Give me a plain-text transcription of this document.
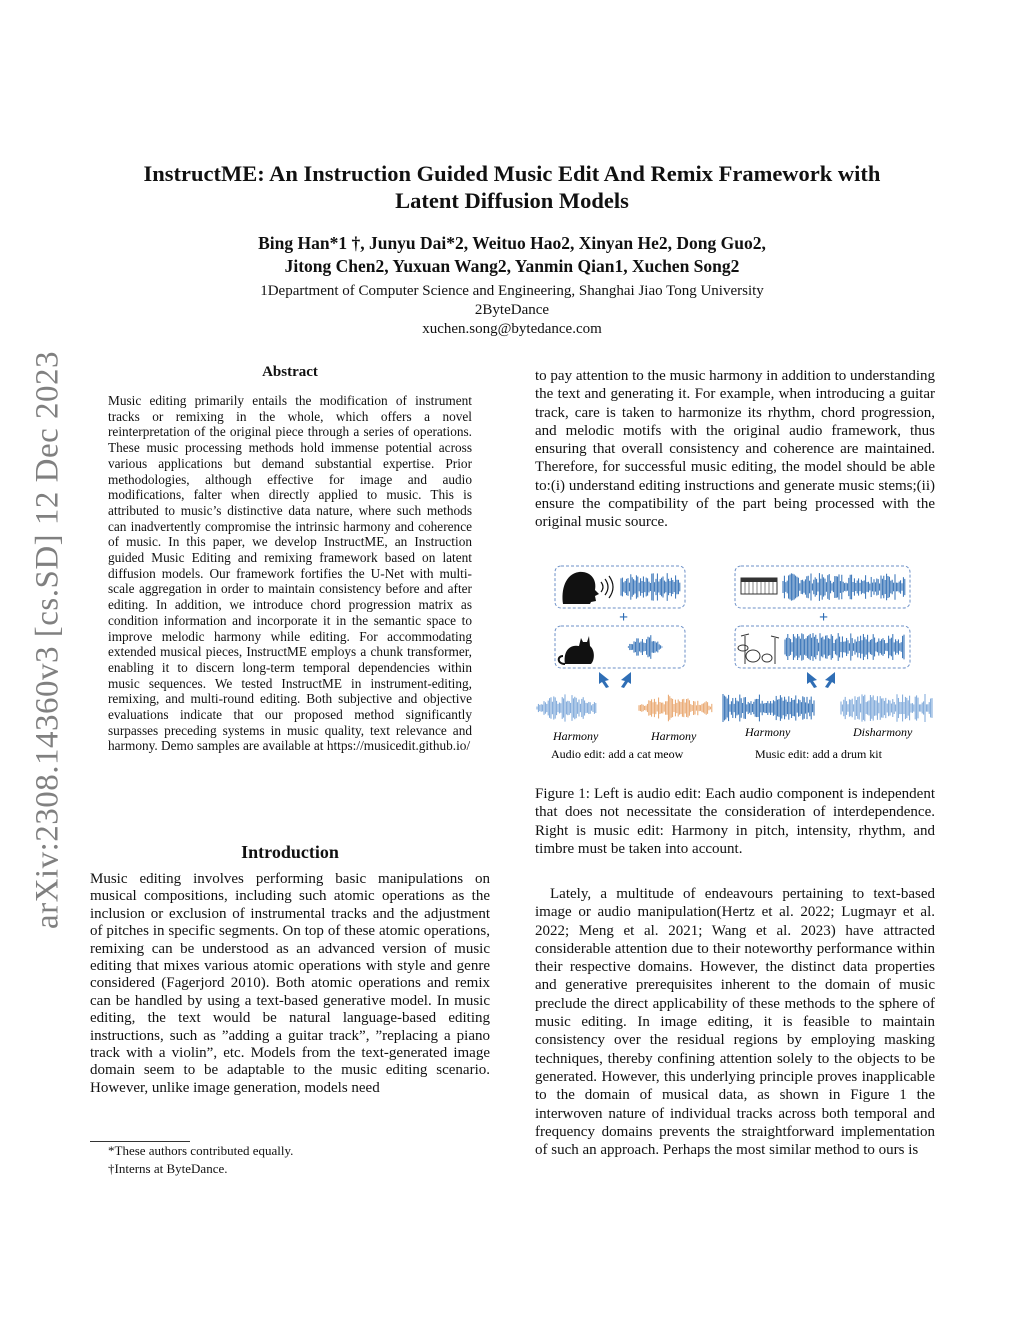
InstructME: An Instruction Guided Music Edit And Remix Framework with
Latent Diffusion Models
Bing Han*1 †, Junyu Dai*2, Weituo Hao2, Xinyan He2, Dong Guo2,
Jitong Chen2, Yuxuan Wang2, Yanmin Qian1, Xuchen Song2
1Department of Computer Science and Engineering, Shanghai Jiao Tong University
2ByteDance
xuchen.song@bytedance.com
arXiv:2308.14360v3 [cs.SD] 12 Dec 2023	Abstract
Music editing primarily entails the modification of instrument tracks or remixing in the whole, which offers a novel reinterpretation of the original piece through a series of operations. These music processing methods hold immense potential across various applications but demand substantial expertise. Prior methodologies, although effective for image and audio modifications, falter when directly applied to music. This is attributed to music’s distinctive data nature, where such methods can inadvertently compromise the intrinsic harmony and coherence of music. In this paper, we develop InstructME, an Instruction guided Music Editing and remixing framework based on latent diffusion models. Our framework fortifies the U-Net with multi-scale aggregation in order to maintain consistency before and after editing. In addition, we introduce chord progression matrix as condition information and incorporate it in the semantic space to improve melodic harmony while editing. For accommodating extended musical pieces, InstructME employs a chunk transformer, enabling it to discern long-term temporal dependencies within music sequences. We tested InstructME in instrument-editing, remixing, and multi-round editing. Both subjective and objective evaluations indicate that our proposed method significantly surpasses preceding systems in music quality, text relevance and harmony. Demo samples are available at https://musicedit.github.io/
Introduction
Music editing involves performing basic manipulations on musical compositions, including such atomic operations as the inclusion or exclusion of instrumental tracks and the adjustment of pitches in specific segments. On top of these atomic operations, remixing can be understood as an advanced version of music editing that mixes various atomic operations with style and genre considered (Fagerjord 2010). Both atomic operations and remix can be handled by using a text-based generative model. In music editing, the text would be natural language-based editing instructions, such as ”adding a guitar track”, ”replacing a piano track with a violin”, etc. Models from the text-generated image domain seem to be adaptable to the music editing scenario. However, unlike image generation, models need
*These authors contributed equally.
†Interns at ByteDance.
to pay attention to the music harmony in addition to understanding the text and generating it. For example, when introducing a guitar track, care is taken to harmonize its rhythm, chord progression, and melodic motifs with the original audio framework, thus ensuring that overall consistency and coherence are maintained. Therefore, for successful music editing, the model should be able to:(i) understand editing instructions and generate music stems;(ii) ensure the compatibility of the part being processed with the original music source.
+	+
Harmony	Harmony	Harmony	Disharmony
Audio edit: add a cat meow	Music edit: add a drum kit
Figure 1: Left is audio edit: Each audio component is independent that does not necessitate the consideration of interdependence. Right is music edit: Harmony in pitch, intensity, rhythm, and timbre must be taken into account.
Lately, a multitude of endeavours pertaining to text-based image or audio manipulation(Hertz et al. 2022; Lugmayr et al. 2022; Meng et al. 2021; Wang et al. 2023) have attracted considerable attention due to their noteworthy performance within their respective domains. However, the distinct data properties and generative prerequisites inherent to the domain of music preclude the direct applicability of these methods to the sphere of music editing. In image editing, it is feasible to maintain consistency over the residual regions by employing masking techniques, thereby confining attention solely to the objects to be generated. However, this underlying principle proves inapplicable to the domain of musical data, as shown in Figure 1 the interwoven nature of individual tracks across both temporal and frequency domains prevents the straightforward implementation of such an approach. Perhaps the most similar method to ours is
